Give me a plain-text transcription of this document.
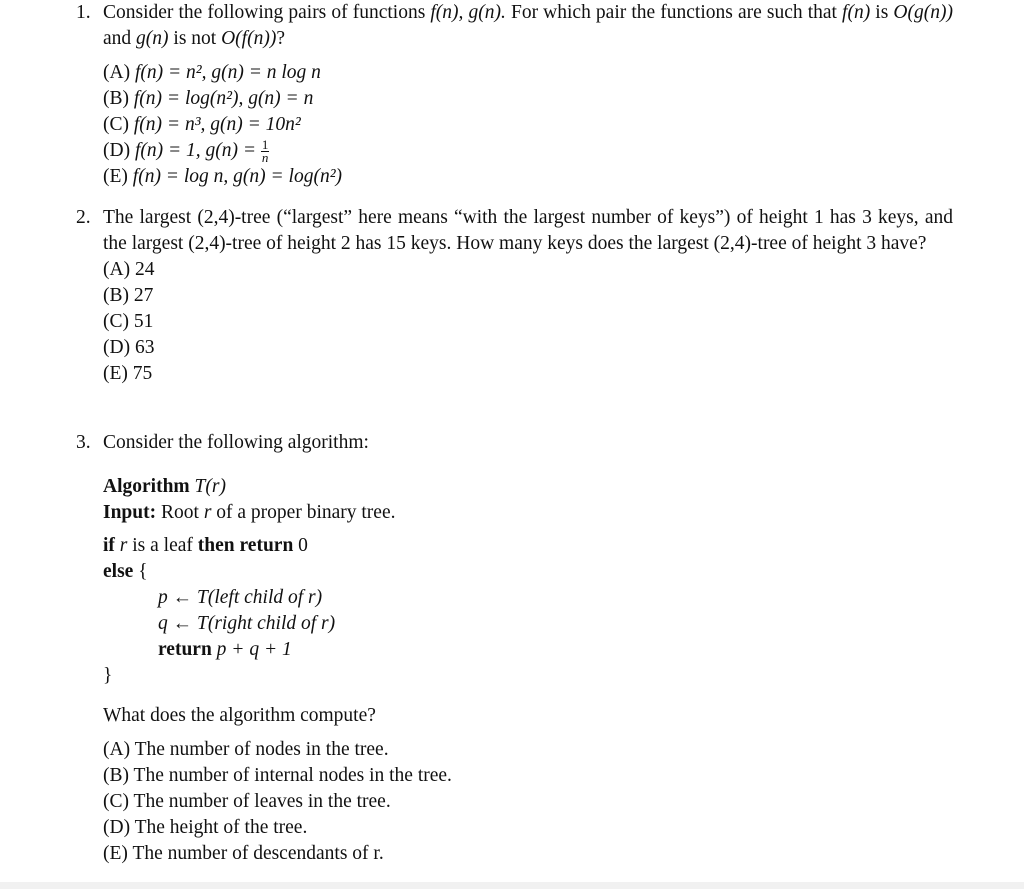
1. Consider the following pairs of functions f(n), g(n). For which pair the functions are such that f(n) is O(g(n)) and g(n) is not O(f(n))?
(A) f(n) = n², g(n) = n log n
(B) f(n) = log(n²), g(n) = n
(C) f(n) = n³, g(n) = 10n²
(D) f(n) = 1, $g(n) = \frac{1}{n}$
(E) f(n) = log n, g(n) = log(n²)
2. The largest (2,4)-tree (“largest” here means “with the largest number of keys”) of height 1 has 3 keys, and the largest (2,4)-tree of height 2 has 15 keys. How many keys does the largest (2,4)-tree of height 3 have?
(A) 24
(B) 27
(C) 51
(D) 63
(E) 75
3. Consider the following algorithm:
Algorithm T(r)
Input: Root r of a proper binary tree.
if r is a leaf then return 0
else {
p ← T(left child of r)
q ← T(right child of r)
return p + q + 1
}
What does the algorithm compute?
(A) The number of nodes in the tree.
(B) The number of internal nodes in the tree.
(C) The number of leaves in the tree.
(D) The height of the tree.
(E) The number of descendants of r.
